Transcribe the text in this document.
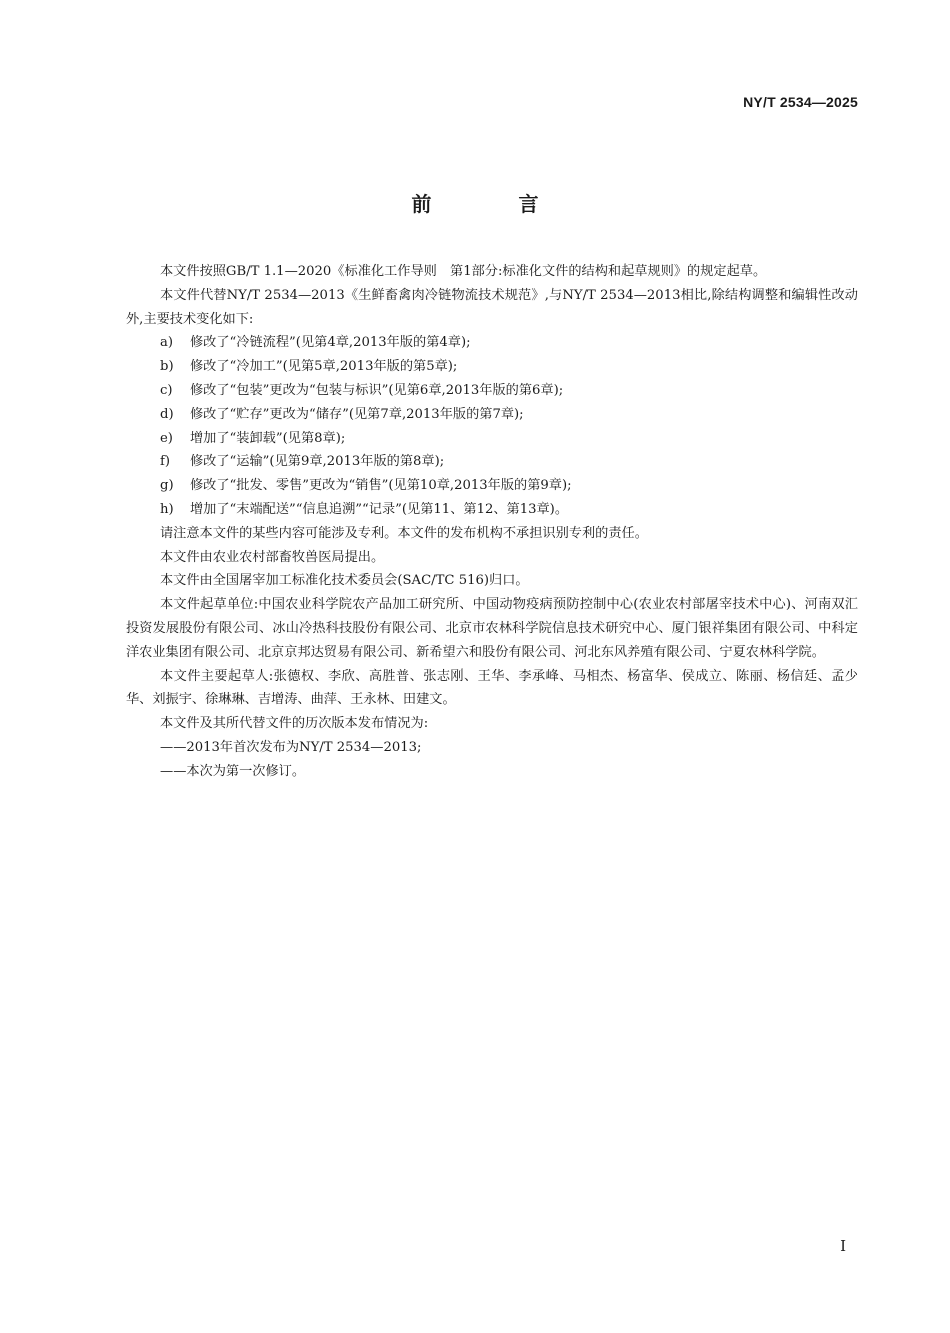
NY/T 2534—2025
前 言

本文件按照GB/T 1.1—2020《标准化工作导则　第1部分:标准化文件的结构和起草规则》的规定起草。

本文件代替NY/T 2534—2013《生鲜畜禽肉冷链物流技术规范》,与NY/T 2534—2013相比,除结构调整和编辑性改动外,主要技术变化如下:

a) 修改了“冷链流程”(见第4章,2013年版的第4章);

b) 修改了“冷加工”(见第5章,2013年版的第5章);

c) 修改了“包装”更改为“包装与标识”(见第6章,2013年版的第6章);

d) 修改了“贮存”更改为“储存”(见第7章,2013年版的第7章);

e) 增加了“装卸载”(见第8章);

f) 修改了“运输”(见第9章,2013年版的第8章);

g) 修改了“批发、零售”更改为“销售”(见第10章,2013年版的第9章);

h) 增加了“末端配送”“信息追溯”“记录”(见第11、第12、第13章)。

请注意本文件的某些内容可能涉及专利。本文件的发布机构不承担识别专利的责任。

本文件由农业农村部畜牧兽医局提出。

本文件由全国屠宰加工标准化技术委员会(SAC/TC 516)归口。

本文件起草单位:中国农业科学院农产品加工研究所、中国动物疫病预防控制中心(农业农村部屠宰技术中心)、河南双汇投资发展股份有限公司、冰山冷热科技股份有限公司、北京市农林科学院信息技术研究中心、厦门银祥集团有限公司、中科定洋农业集团有限公司、北京京邦达贸易有限公司、新希望六和股份有限公司、河北东风养殖有限公司、宁夏农林科学院。

本文件主要起草人:张德权、李欣、高胜普、张志刚、王华、李承峰、马相杰、杨富华、侯成立、陈丽、杨信廷、孟少华、刘振宇、徐琳琳、吉增涛、曲萍、王永林、田建文。

本文件及其所代替文件的历次版本发布情况为:

——2013年首次发布为NY/T 2534—2013;

——本次为第一次修订。

I
